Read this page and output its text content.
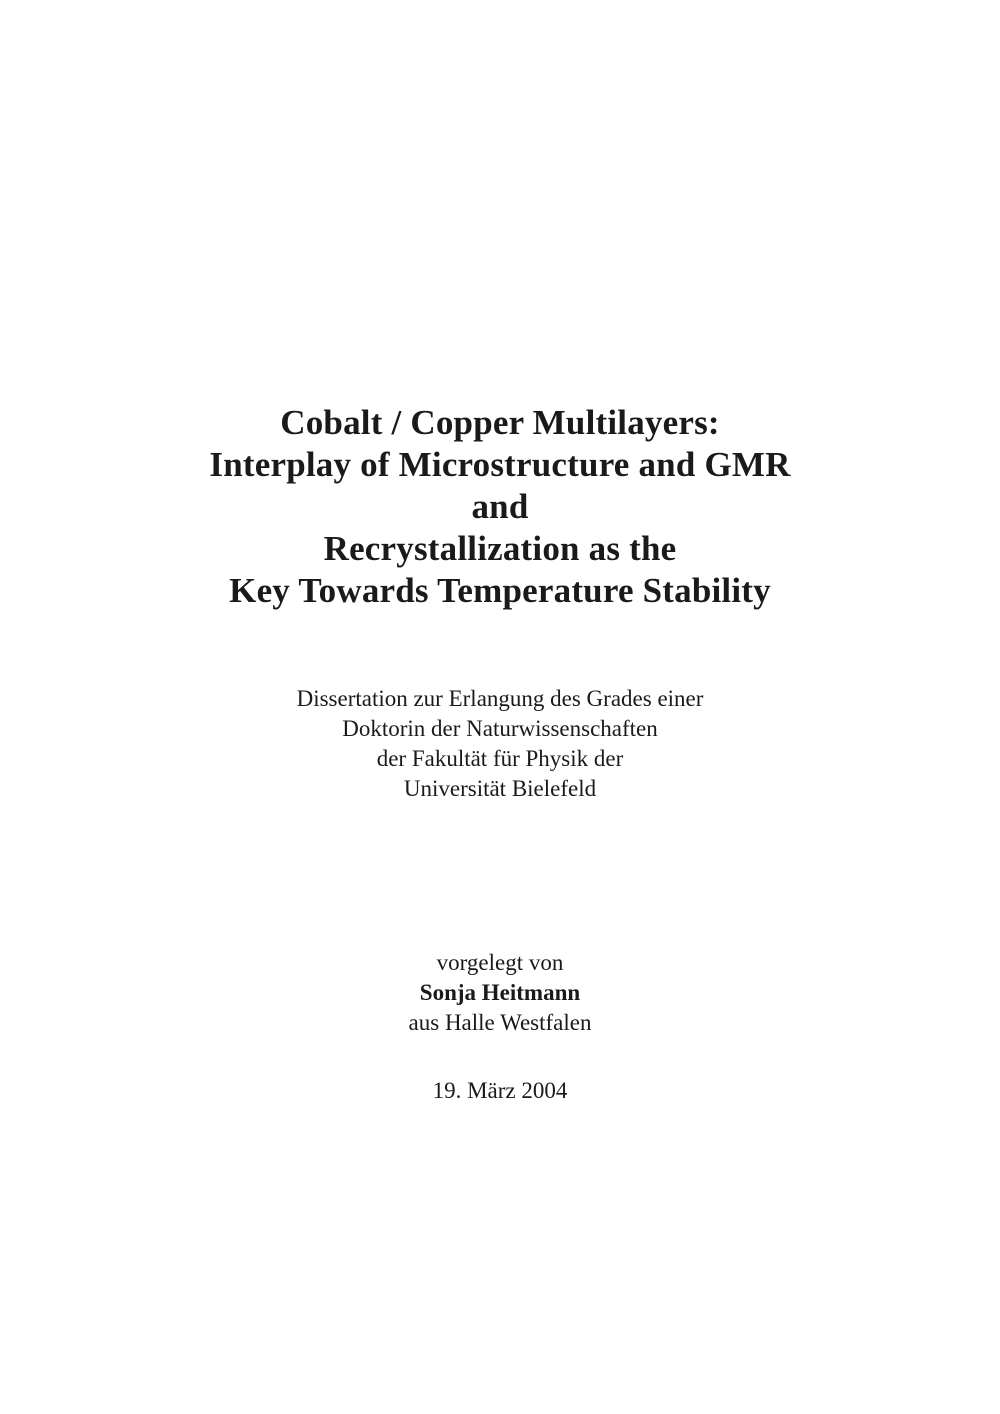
Cobalt / Copper Multilayers:
Interplay of Microstructure and GMR
and
Recrystallization as the
Key Towards Temperature Stability
Dissertation zur Erlangung des Grades einer
Doktorin der Naturwissenschaften
der Fakultät für Physik der
Universität Bielefeld
vorgelegt von
Sonja Heitmann
aus Halle Westfalen
19. März 2004
